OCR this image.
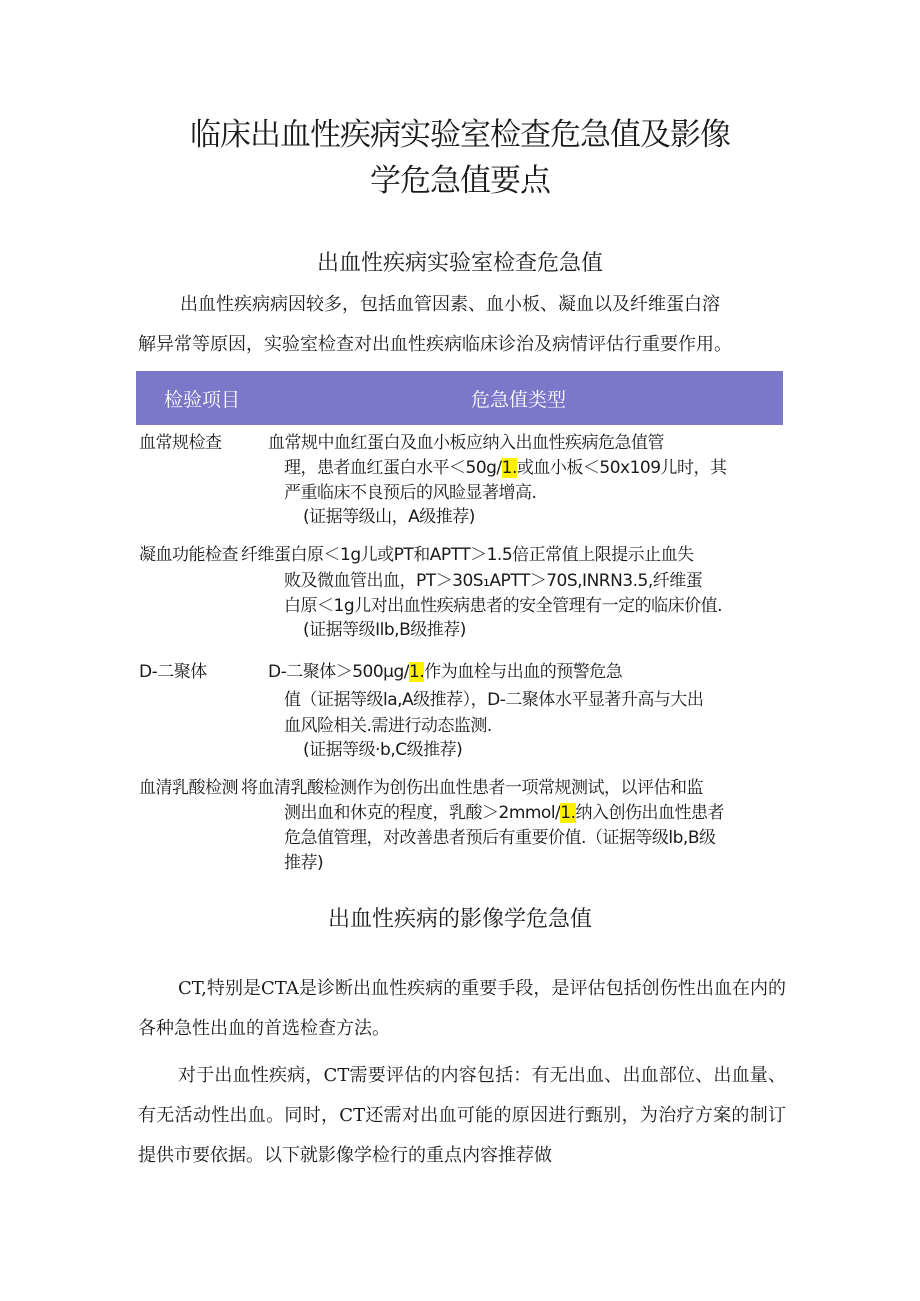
临床出血性疾病实验室检查危急值及影像
学危急值要点
出血性疾病实验室检查危急值

出血性疾病病因较多，包括血管因素、血小板、凝血以及纤维蛋白溶
解异常等原因，实验室检查对出血性疾病临床诊治及病情评估行重要作用。

检验项目	危急值类型

血常规检查	血常规中血红蛋白及血小板应纳入出血性疾病危急值管

理，患者血红蛋白水平＜50g/1.或血小板＜50x109儿时，其

严重临床不良预后的风睑显著增高.

(证据等级山，A级推荐)

凝血功能检查 纤维蛋白原＜1g儿或PT和APTT＞1.5倍正常值上限提示止血失

败及微血管出血，PT＞30S₁APTT＞70S,INRN3.5,纤维蛋

白原＜1g儿对出血性疾病患者的安全管理有一定的临床价值.

(证据等级Ilb,B级推荐)

D-二聚体	D-二聚体＞500μg/1.作为血栓与出血的预警危急

值（证据等级la,A级推荐），D-二聚体水平显著升高与大出

血风险相关.需进行动态监测.

(证据等级·b,C级推荐)

血清乳酸检测 将血清乳酸检测作为创伤出血性患者一项常规测试，以评估和监

测出血和休克的程度，乳酸＞2mmol/1.纳入创伤出血性患者

危急值管理，对改善患者预后有重要价值.（证据等级lb,B级

推荐)

出血性疾病的影像学危急值

CT,特别是CTA是诊断出血性疾病的重要手段，是评估包括创伤性出血在内的各种急性出血的首选检查方法。

对于出血性疾病，CT需要评估的内容包括：有无出血、出血部位、出血量、有无活动性出血。同时，CT还需对出血可能的原因进行甄别，为治疗方案的制订提供市要依据。以下就影像学检行的重点内容推荐做
